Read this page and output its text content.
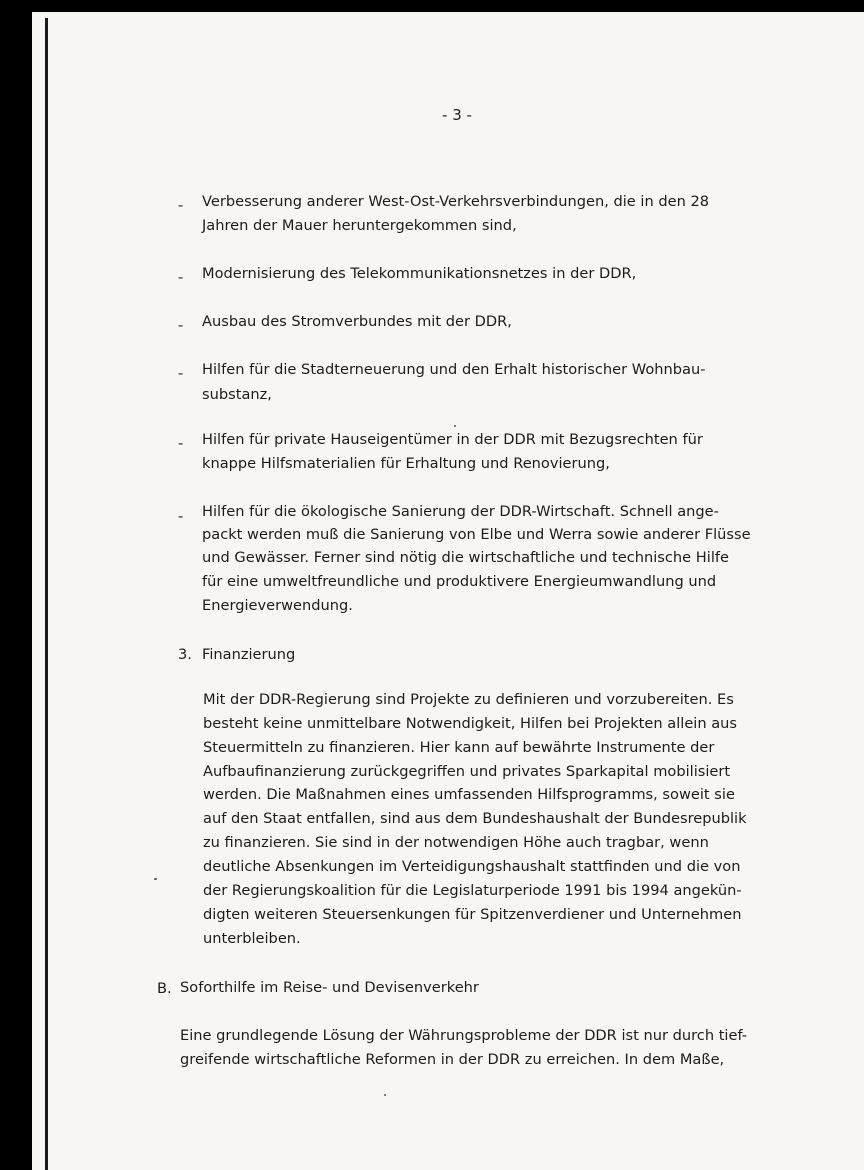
- 3 -
- Verbesserung anderer West-Ost-Verkehrsverbindungen, die in den 28
Jahren der Mauer heruntergekommen sind,
- Modernisierung des Telekommunikationsnetzes in der DDR,
- Ausbau des Stromverbundes mit der DDR,
- Hilfen für die Stadterneuerung und den Erhalt historischer Wohnbau-
substanz,
- Hilfen für private Hauseigentümer in der DDR mit Bezugsrechten für
knappe Hilfsmaterialien für Erhaltung und Renovierung,
- Hilfen für die ökologische Sanierung der DDR-Wirtschaft. Schnell ange-
packt werden muß die Sanierung von Elbe und Werra sowie anderer Flüsse
und Gewässer. Ferner sind nötig die wirtschaftliche und technische Hilfe
für eine umweltfreundliche und produktivere Energieumwandlung und
Energieverwendung.
3. Finanzierung
Mit der DDR-Regierung sind Projekte zu definieren und vorzubereiten. Es
besteht keine unmittelbare Notwendigkeit, Hilfen bei Projekten allein aus
Steuermitteln zu finanzieren. Hier kann auf bewährte Instrumente der
Aufbaufinanzierung zurückgegriffen und privates Sparkapital mobilisiert
werden. Die Maßnahmen eines umfassenden Hilfsprogramms, soweit sie
auf den Staat entfallen, sind aus dem Bundeshaushalt der Bundesrepublik
zu finanzieren. Sie sind in der notwendigen Höhe auch tragbar, wenn
deutliche Absenkungen im Verteidigungshaushalt stattfinden und die von
der Regierungskoalition für die Legislaturperiode 1991 bis 1994 angekün-
digten weiteren Steuersenkungen für Spitzenverdiener und Unternehmen
unterbleiben.
B. Soforthilfe im Reise- und Devisenverkehr
Eine grundlegende Lösung der Währungsprobleme der DDR ist nur durch tief-
greifende wirtschaftliche Reformen in der DDR zu erreichen. In dem Maße,
